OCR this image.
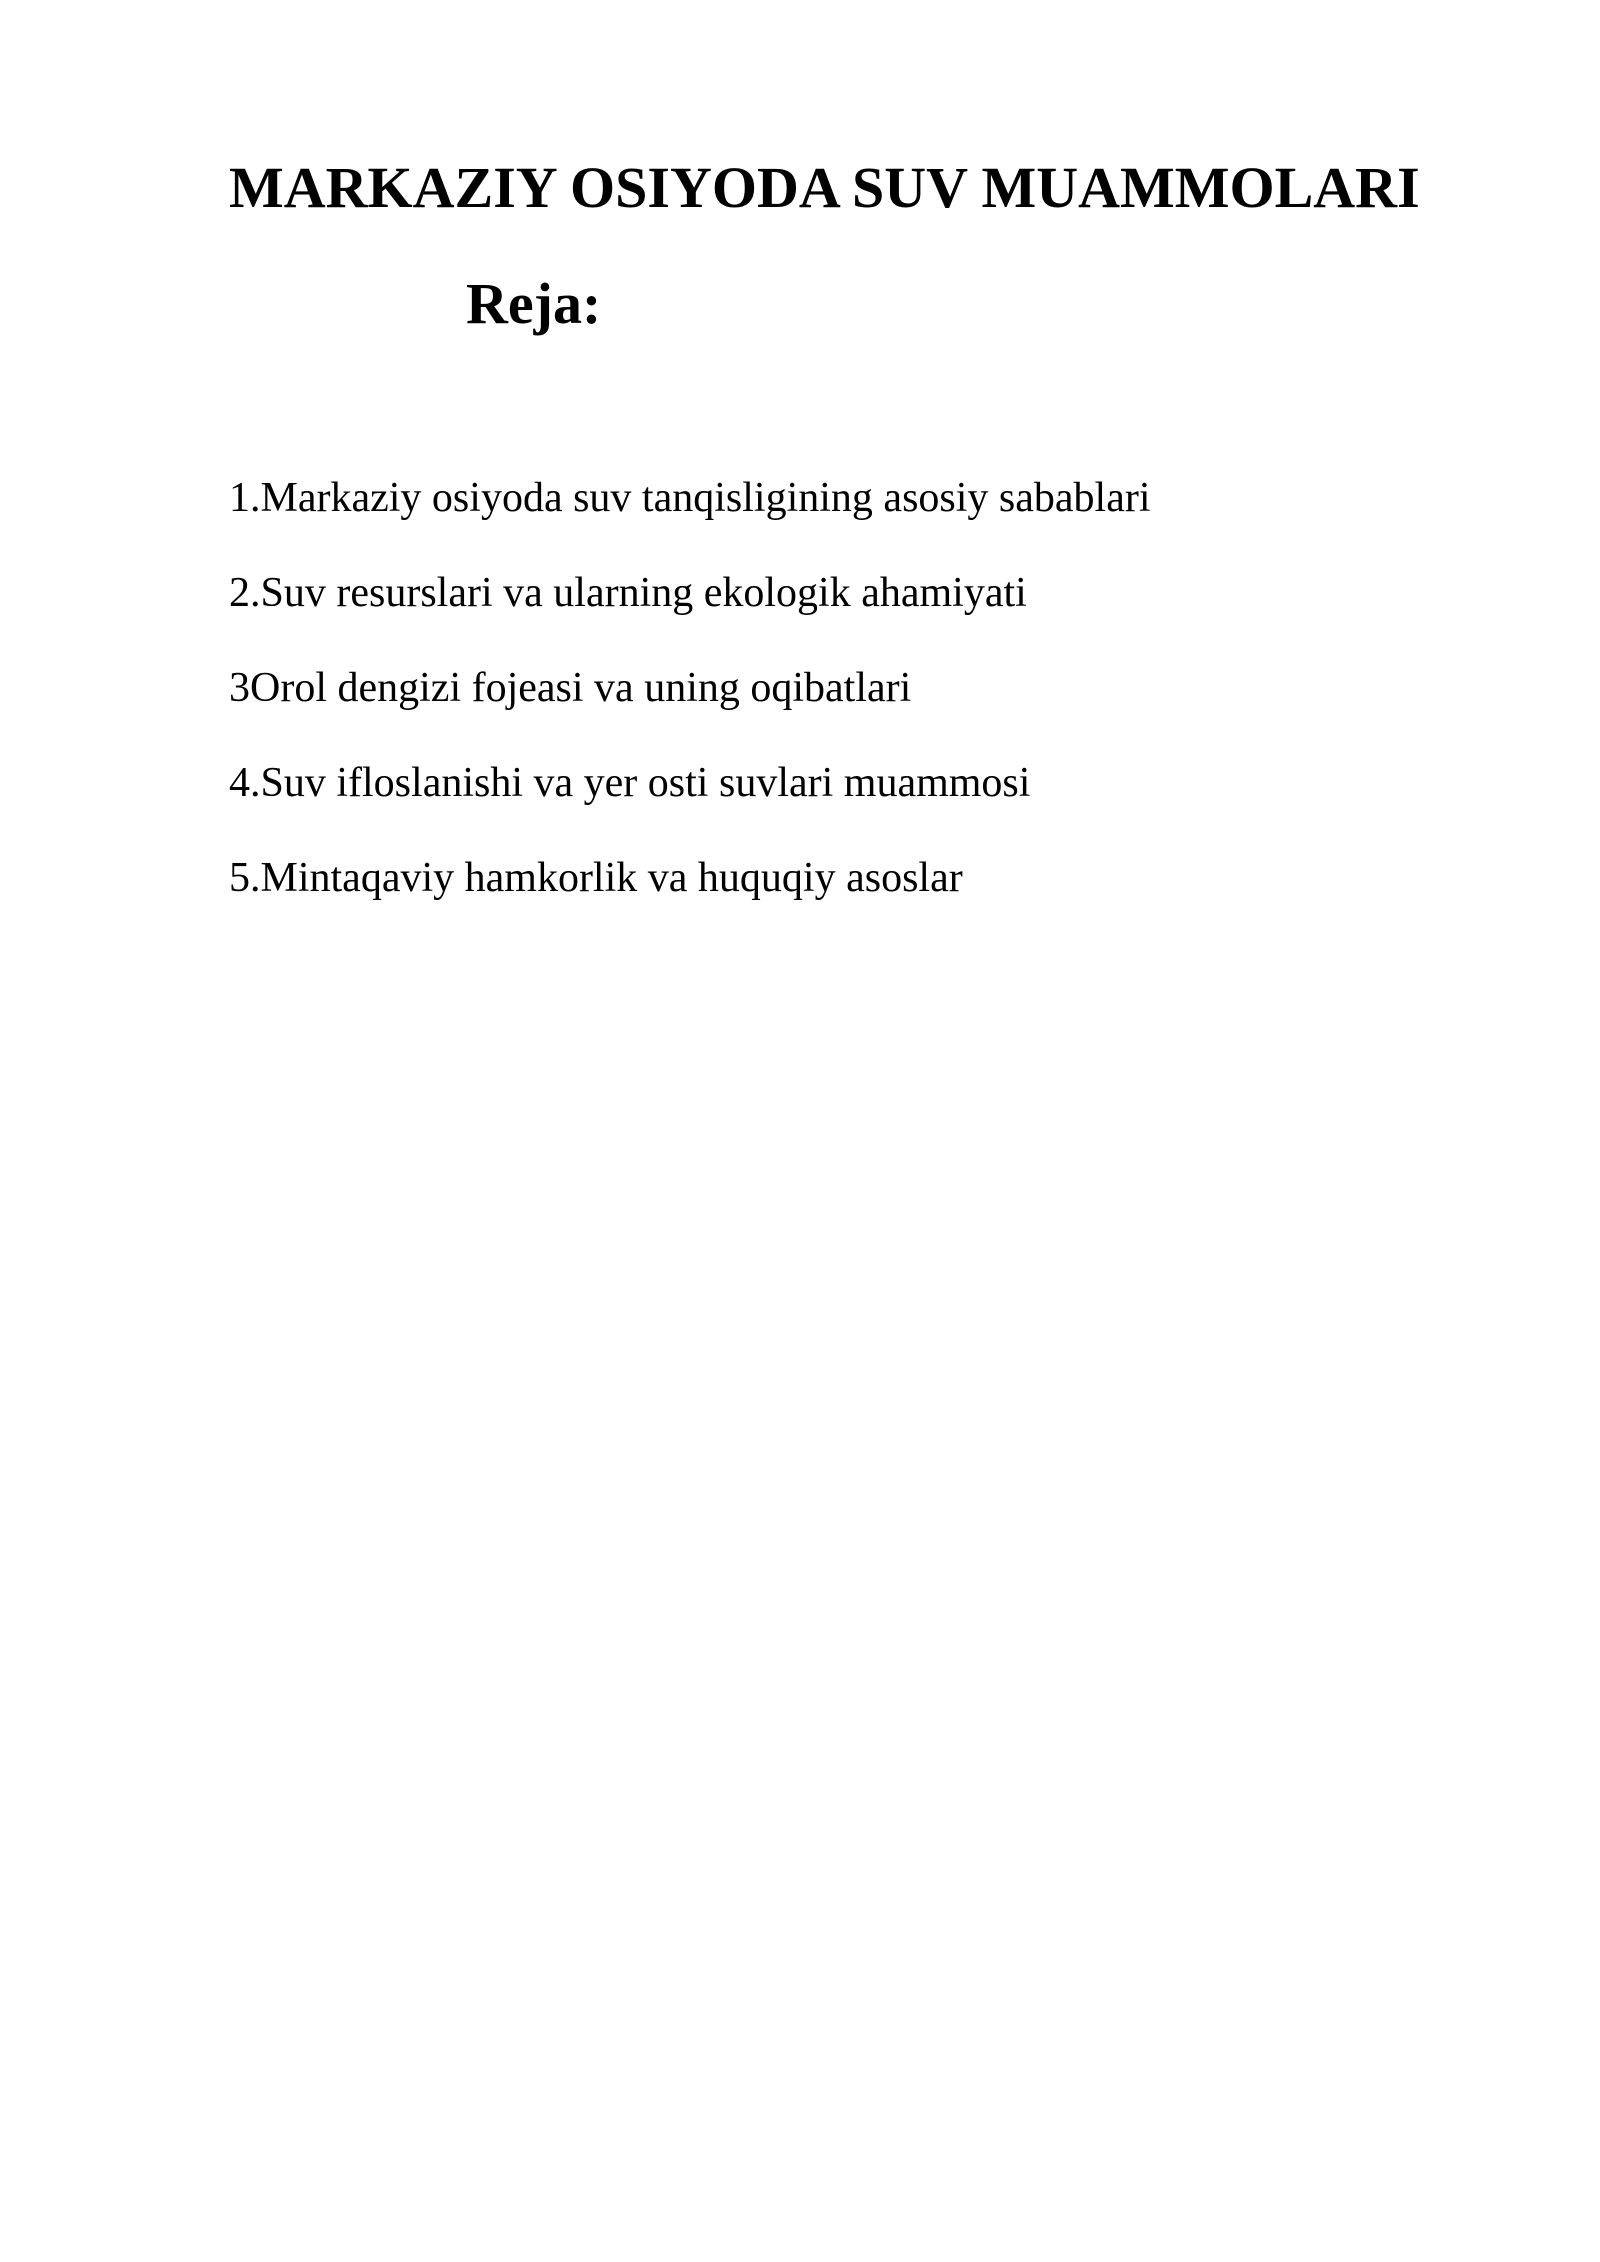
MARKAZIY OSIYODA SUV MUAMMOLARI
Reja:
1.Markaziy osiyoda suv tanqisligining asosiy sabablari
2.Suv resurslari va ularning ekologik ahamiyati
3Orol dengizi fojeasi va uning oqibatlari
4.Suv ifloslanishi va yer osti suvlari muammosi
5.Mintaqaviy hamkorlik va huquqiy asoslar
